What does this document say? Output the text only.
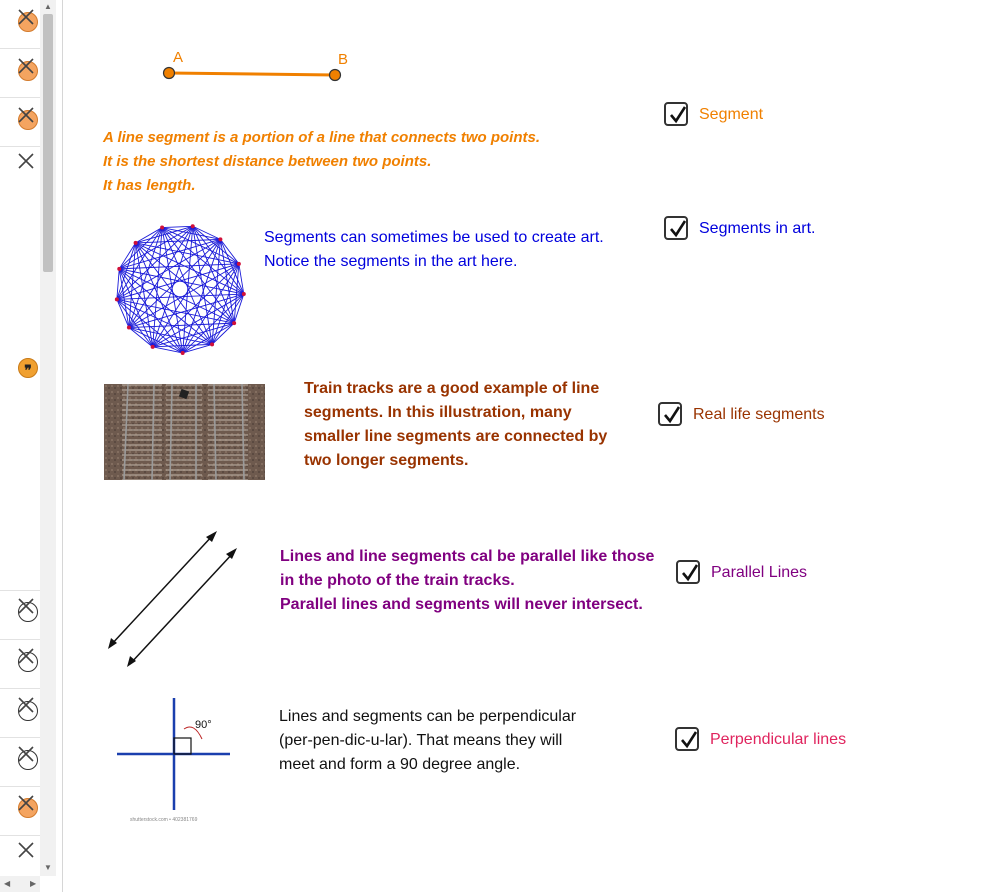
❞
▲
▼
◀ ▶
A	B
A line segment is a portion of a line that connects two points.
It is the shortest distance between two points.
It has length.
Segments can sometimes be used to create art.
Notice the segments in the art here.
Train tracks are a good example of line
segments. In this illustration, many
smaller line segments are connected by
two longer segments.
Lines and line segments cal be parallel like those
in the photo of the train tracks.
Parallel lines and segments will never intersect.
90°
shutterstock.com • 402381769
Lines and segments can be perpendicular
(per-pen-dic-u-lar). That means they will
meet and form a 90 degree angle.
Segment
Segments in art.
Real life segments
Parallel Lines
Perpendicular lines
